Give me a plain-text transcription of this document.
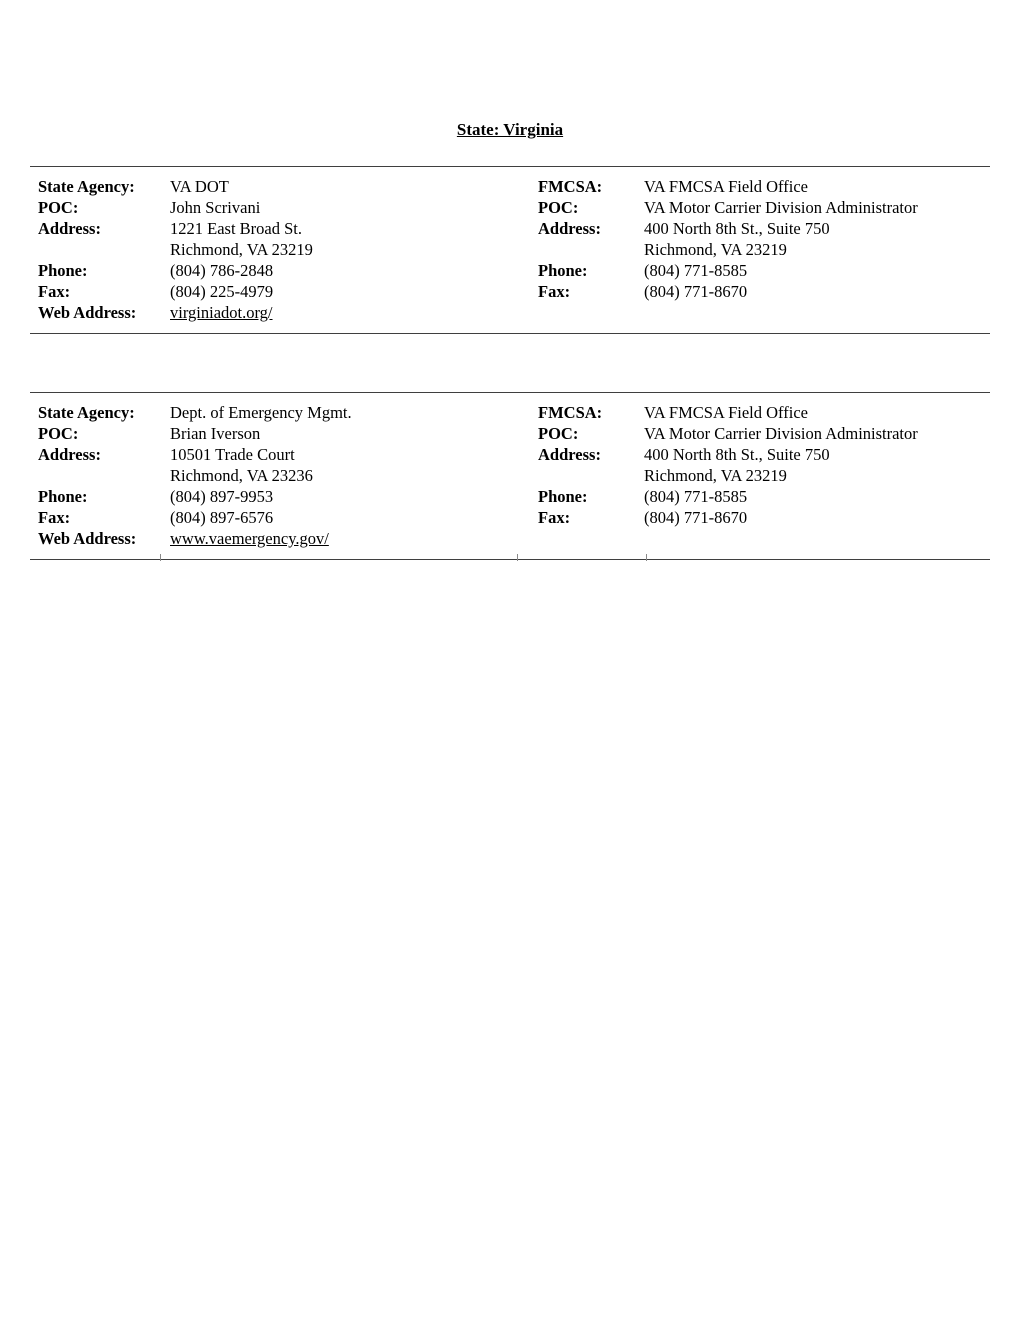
State: Virginia
State Agency:	VA DOT	FMCSA:	VA FMCSA Field Office
POC:	John Scrivani	POC:	VA Motor Carrier Division Administrator
Address:	1221 East Broad St.	Address:	400 North 8th St., Suite 750
Richmond, VA 23219	Richmond, VA 23219
Phone:	(804) 786-2848	Phone:	(804) 771-8585
Fax:	(804) 225-4979	Fax:	(804) 771-8670
Web Address:	virginiadot.org/
State Agency:	Dept. of Emergency Mgmt.	FMCSA:	VA FMCSA Field Office
POC:	Brian Iverson	POC:	VA Motor Carrier Division Administrator
Address:	10501 Trade Court	Address:	400 North 8th St., Suite 750
Richmond, VA 23236	Richmond, VA 23219
Phone:	(804) 897-9953	Phone:	(804) 771-8585
Fax:	(804) 897-6576	Fax:	(804) 771-8670
Web Address:	www.vaemergency.gov/
